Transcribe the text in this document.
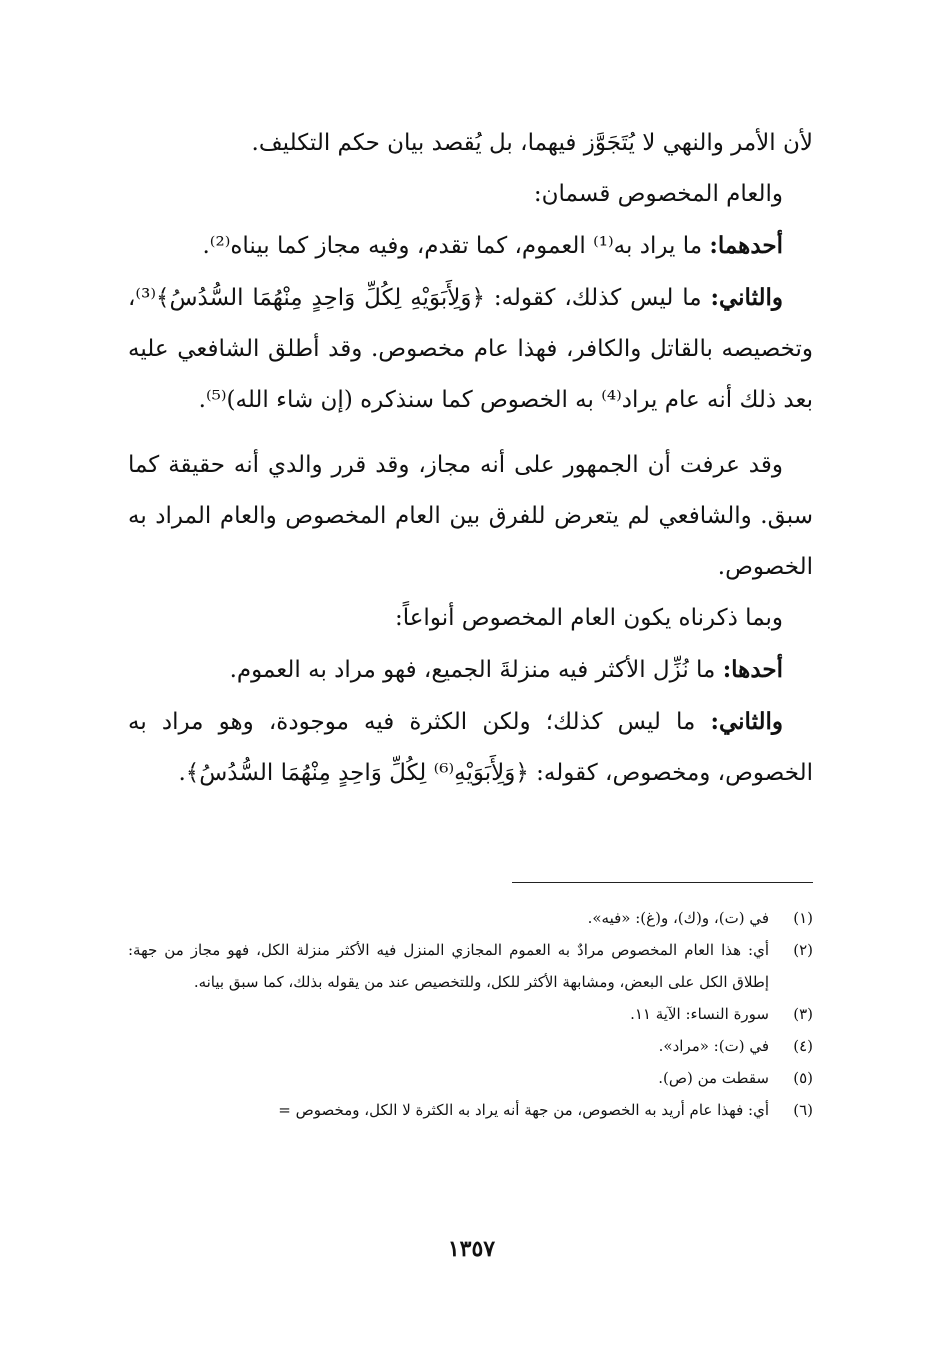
لأن الأمر والنهي لا يُتَجَوَّز فيهما، بل يُقصد بيان حكم التكليف.

والعام المخصوص قسمان:

أحدهما: ما يراد به⁽¹⁾ العموم، كما تقدم، وفيه مجاز كما بيناه⁽²⁾.

والثاني: ما ليس كذلك، كقوله: ﴿وَلِأَبَوَيْهِ لِكُلِّ وَاحِدٍ مِنْهُمَا السُّدُسُ﴾⁽³⁾، وتخصيصه بالقاتل والكافر، فهذا عام مخصوص. وقد أطلق الشافعي عليه بعد ذلك أنه عام يراد⁽⁴⁾ به الخصوص كما سنذكره (إن شاء الله)⁽⁵⁾.

وقد عرفت أن الجمهور على أنه مجاز، وقد قرر والدي أنه حقيقة كما سبق. والشافعي لم يتعرض للفرق بين العام المخصوص والعام المراد به الخصوص.

وبما ذكرناه يكون العام المخصوص أنواعاً:

أحدها: ما نُزِّل الأكثر فيه منزلةَ الجميع، فهو مراد به العموم.

والثاني: ما ليس كذلك؛ ولكن الكثرة فيه موجودة، وهو مراد به الخصوص، ومخصوص، كقوله: ﴿وَلِأَبَوَيْهِ⁽⁶⁾ لِكُلِّ وَاحِدٍ مِنْهُمَا السُّدُسُ﴾.

(١)
في (ت)، و(ك)، و(غ): «فيه».
(٢)
أي: هذا العام المخصوص مرادٌ به العموم المجازي المنزل فيه الأكثر منزلة الكل، فهو مجاز من جهة: إطلاق الكل على البعض، ومشابهة الأكثر للكل، وللتخصيص عند من يقوله بذلك، كما سبق بيانه.
(٣)
سورة النساء: الآية ١١.
(٤)
في (ت): «مراد».
(٥)
سقطت من (ص).
(٦)
أي: فهذا عام أريد به الخصوص، من جهة أنه يراد به الكثرة لا الكل، ومخصوص =
١٣٥٧
